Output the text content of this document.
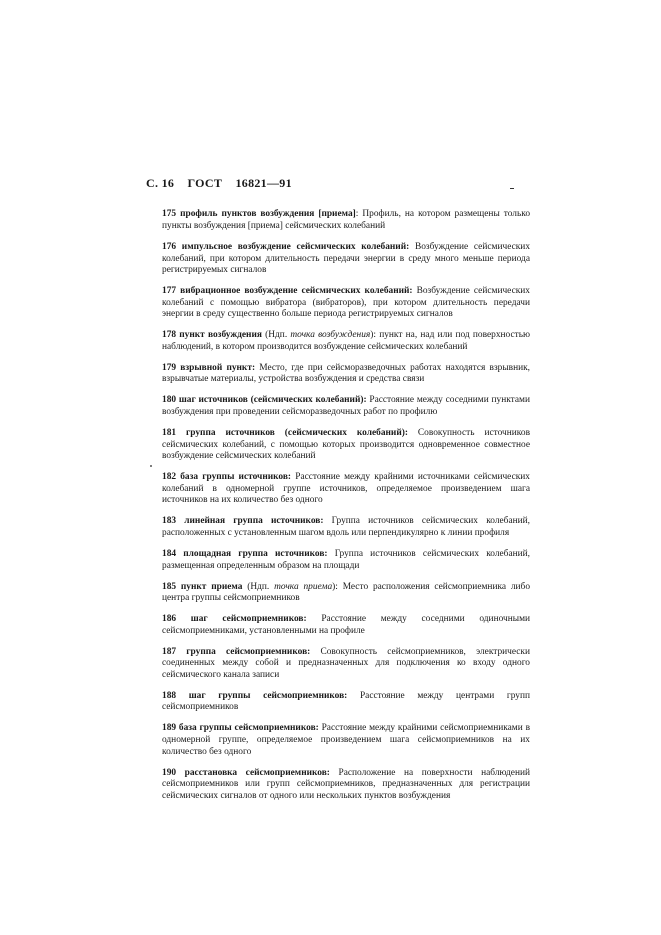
С. 16 ГОСТ 16821—91

175 профиль пунктов возбуждения [приема]: Профиль, на котором размещены только пункты возбуждения [приема] сейсмических колебаний

176 импульсное возбуждение сейсмических колебаний: Возбуждение сейсмических колебаний, при котором длительность передачи энергии в среду много меньше периода регистрируемых сигналов

177 вибрационное возбуждение сейсмических колебаний: Возбуждение сейсмических колебаний с помощью вибратора (вибраторов), при котором длительность передачи энергии в среду существенно больше периода регистрируемых сигналов

178 пункт возбуждения (Ндп. точка возбуждения): пункт на, над или под поверхностью наблюдений, в котором производится возбуждение сейсмических колебаний

179 взрывной пункт: Место, где при сейсморазведочных работах находятся взрывник, взрывчатые материалы, устройства возбуждения и средства связи

180 шаг источников (сейсмических колебаний): Расстояние между соседними пунктами возбуждения при проведении сейсморазведочных работ по профилю

181 группа источников (сейсмических колебаний): Совокупность источников сейсмических колебаний, с помощью которых производится одновременное совместное возбуждение сейсмических колебаний

182 база группы источников: Расстояние между крайними источниками сейсмических колебаний в одномерной группе источников, определяемое произведением шага источников на их количество без одного

183 линейная группа источников: Группа источников сейсмических колебаний, расположенных с установленным шагом вдоль или перпендикулярно к линии профиля

184 площадная группа источников: Группа источников сейсмических колебаний, размещенная определенным образом на площади

185 пункт приема (Ндп. точка приема): Место расположения сейсмоприемника либо центра группы сейсмоприемников

186 шаг сейсмоприемников: Расстояние между соседними одиночными сейсмоприемниками, установленными на профиле

187 группа сейсмоприемников: Совокупность сейсмоприемников, электрически соединенных между собой и предназначенных для подключения ко входу одного сейсмического канала записи

188 шаг группы сейсмоприемников: Расстояние между центрами групп сейсмоприемников

189 база группы сейсмоприемников: Расстояние между крайними сейсмоприемниками в одномерной группе, определяемое произведением шага сейсмоприемников на их количество без одного

190 расстановка сейсмоприемников: Расположение на поверхности наблюдений сейсмоприемников или групп сейсмоприемников, предназначенных для регистрации сейсмических сигналов от одного или нескольких пунктов возбуждения
